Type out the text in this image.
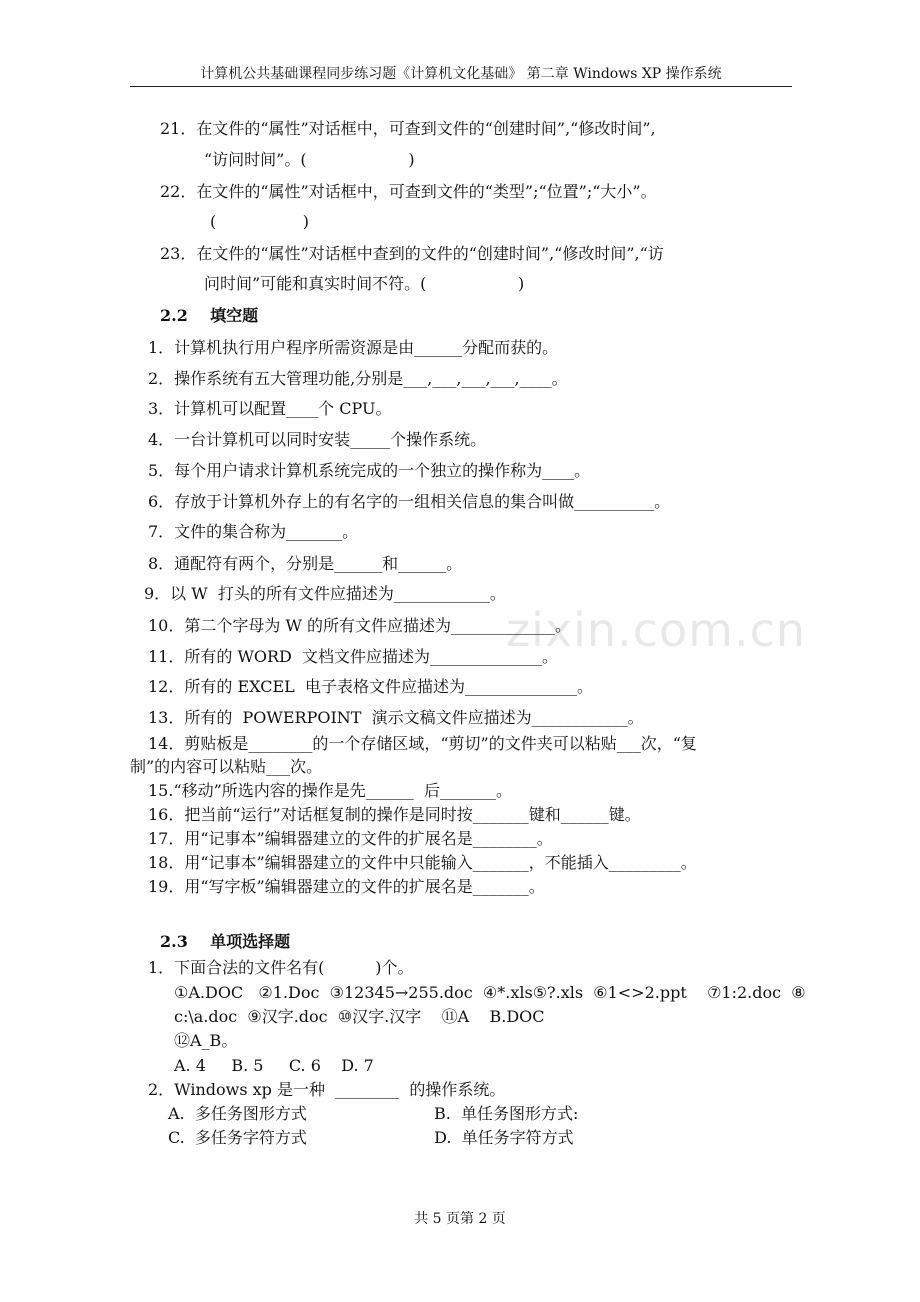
计算机公共基础课程同步练习题《计算机文化基础》 第二章 Windows XP 操作系统
21．在文件的“属性”对话框中，可查到文件的“创建时间”,“修改时间”,
“访问时间”。(                    )
22．在文件的“属性”对话框中，可查到文件的“类型”;“位置”;“大小”。
(                 )
23．在文件的“属性”对话框中查到的文件的“创建时间”,“修改时间”,“访
问时间”可能和真实时间不符。(                  )
2.2    填空题
1．计算机执行用户程序所需资源是由______分配而获的。
2．操作系统有五大管理功能,分别是___,___,___,___,____。
3．计算机可以配置____个 CPU。
4．一台计算机可以同时安装_____个操作系统。
5．每个用户请求计算机系统完成的一个独立的操作称为____。
6．存放于计算机外存上的有名字的一组相关信息的集合叫做__________。
7．文件的集合称为_______。
8．通配符有两个，分别是______和______。
9．以 W  打头的所有文件应描述为____________。
10．第二个字母为 W 的所有文件应描述为_____________。
11．所有的 WORD  文档文件应描述为______________。
12．所有的 EXCEL  电子表格文件应描述为______________。
13．所有的  POWERPOINT  演示文稿文件应描述为____________。
14．剪贴板是________的一个存储区域，“剪切”的文件夹可以粘贴___次，“复
制”的内容可以粘贴___次。
15.“移动”所选内容的操作是先______  后_______。
16．把当前“运行”对话框复制的操作是同时按_______键和______键。
17．用“记事本”编辑器建立的文件的扩展名是________。
18．用“记事本”编辑器建立的文件中只能输入_______，不能插入_________。
19．用“写字板”编辑器建立的文件的扩展名是_______。
2.3    单项选择题
1．下面合法的文件名有(          )个。
①A.DOC   ②1.Doc  ③12345→255.doc  ④*.xls⑤?.xls  ⑥1<>2.ppt    ⑦1:2.doc  ⑧
c:\a.doc  ⑨汉字.doc  ⑩汉字.汉字    ⑪A    B.DOC
⑫A_B。
A. 4     B. 5     C. 6    D. 7
2．Windows xp 是一种  ________  的操作系统。
A.  多任务图形方式                         B.  单任务图形方式:
C.  多任务字符方式                         D.  单任务字符方式
共 5 页第 2 页
zixin.com.cn
